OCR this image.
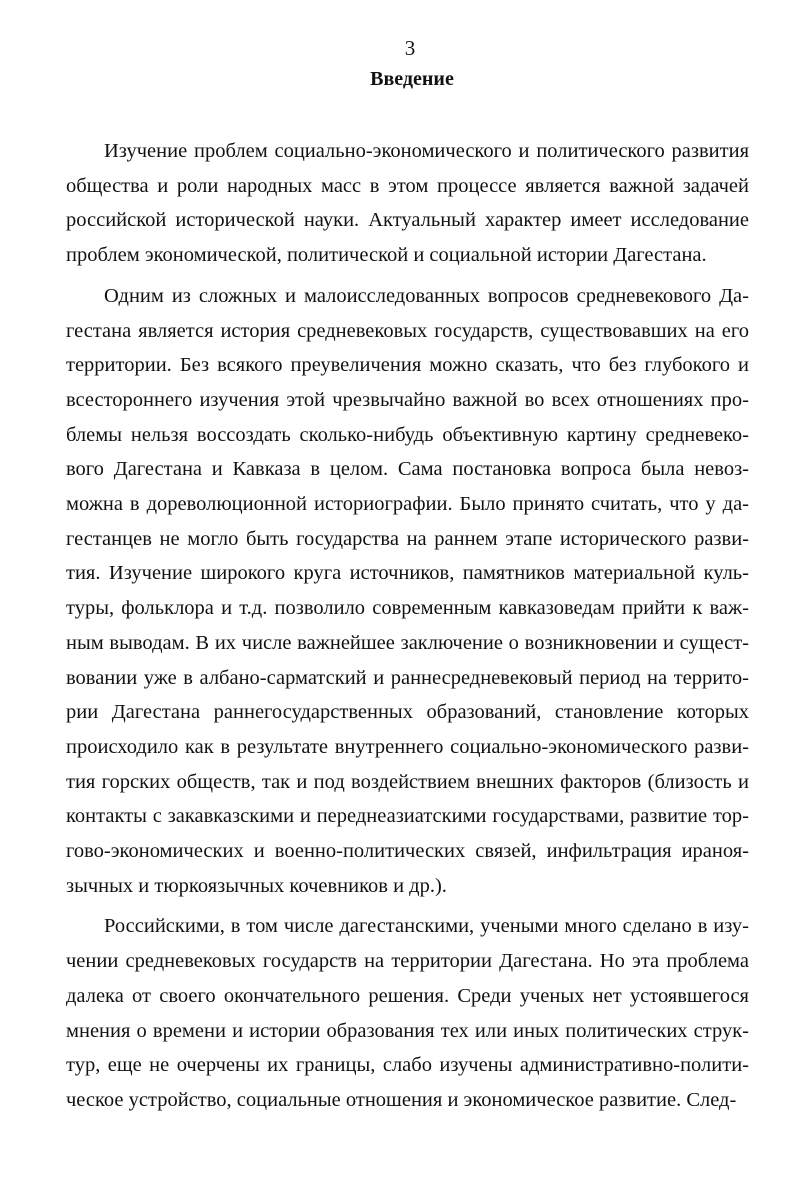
3
Введение

Изучение проблем социально-экономического и политического развития общества и роли народных масс в этом процессе является важной задачей российской исторической науки. Актуальный характер имеет исследование проблем экономической, политической и социальной истории Дагестана.

Одним из сложных и малоисследованных вопросов средневекового Дагестана является история средневековых государств, существовавших на его территории. Без всякого преувеличения можно сказать, что без глубокого и всестороннего изучения этой чрезвычайно важной во всех отношениях проблемы нельзя воссоздать сколько-нибудь объективную картину средневекового Дагестана и Кавказа в целом. Сама постановка вопроса была невозможна в дореволюционной историографии. Было принято считать, что у дагестанцев не могло быть государства на раннем этапе исторического развития. Изучение широкого круга источников, памятников материальной культуры, фольклора и т.д. позволило современным кавказоведам прийти к важным выводам. В их числе важнейшее заключение о возникновении и существовании уже в албано-сарматский и раннесредневековый период на территории Дагестана раннегосударственных образований, становление которых происходило как в результате внутреннего социально-экономического развития горских обществ, так и под воздействием внешних факторов (близость и контакты с закавказскими и переднеазиатскими государствами, развитие торгово-экономических и военно-политических связей, инфильтрация ираноязычных и тюркоязычных кочевников и др.).

Российскими, в том числе дагестанскими, учеными много сделано в изучении средневековых государств на территории Дагестана. Но эта проблема далека от своего окончательного решения. Среди ученых нет устоявшегося мнения о времени и истории образования тех или иных политических структур, еще не очерчены их границы, слабо изучены административно-политическое устройство, социальные отношения и экономическое развитие. След-
